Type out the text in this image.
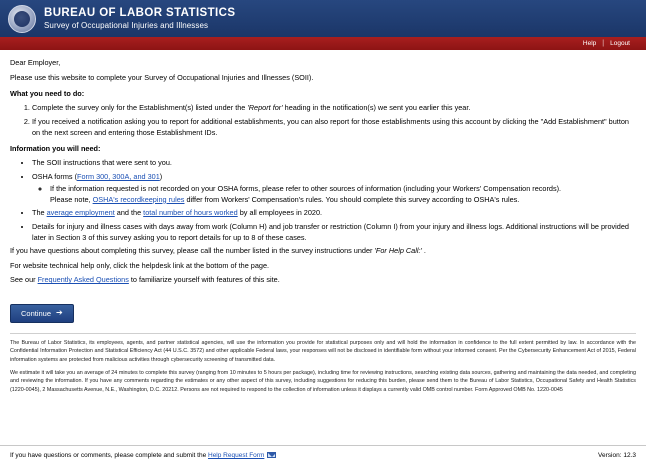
BUREAU OF LABOR STATISTICS
Survey of Occupational Injuries and Illnesses
Help | Logout

Dear Employer,

Please use this website to complete your Survey of Occupational Injuries and Illnesses (SOII).

What you need to do:
1. Complete the survey only for the Establishment(s) listed under the 'Report for' heading in the notification(s) we sent you earlier this year.
2. If you received a notification asking you to report for additional establishments, you can also report for those establishments using this account by clicking the "Add Establishment" button on the next screen and entering those Establishment IDs.
Information you will need:
• The SOII instructions that were sent to you.
• OSHA forms (Form 300, 300A, and 301)
◦ If the information requested is not recorded on your OSHA forms, please refer to other sources of information (including your Workers' Compensation records).
Please note, OSHA's recordkeeping rules differ from Workers' Compensation's rules. You should complete this survey according to OSHA's rules.
• The average employment and the total number of hours worked by all employees in 2020.
• Details for injury and illness cases with days away from work (Column H) and job transfer or restriction (Column I) from your injury and illness logs. Additional instructions will be provided later in Section 3 of this survey asking you to report details for up to 8 of these cases.

If you have questions about completing this survey, please call the number listed in the survey instructions under 'For Help Call:' .

For website technical help only, click the helpdesk link at the bottom of the page.

See our Frequently Asked Questions to familiarize yourself with features of this site.

Continue ➔

The Bureau of Labor Statistics, its employees, agents, and partner statistical agencies, will use the information you provide for statistical purposes only and will hold the information in confidence to the full extent permitted by law. In accordance with the Confidential Information Protection and Statistical Efficiency Act (44 U.S.C. 3572) and other applicable Federal laws, your responses will not be disclosed in identifiable form without your informed consent. Per the Cybersecurity Enhancement Act of 2015, Federal information systems are protected from malicious activities through cybersecurity screening of transmitted data.

We estimate it will take you an average of 24 minutes to complete this survey (ranging from 10 minutes to 5 hours per package), including time for reviewing instructions, searching existing data sources, gathering and maintaining the data needed, and completing and reviewing the information. If you have any comments regarding the estimates or any other aspect of this survey, including suggestions for reducing this burden, please send them to the Bureau of Labor Statistics, Occupational Safety and Health Statistics (1220-0045), 2 Massachusetts Avenue, N.E., Washington, D.C. 20212. Persons are not required to respond to the collection of information unless it displays a currently valid OMB control number. Form Approved OMB No. 1220-0045

If you have questions or comments, please complete and submit the Help Request Form	Version: 12.3
